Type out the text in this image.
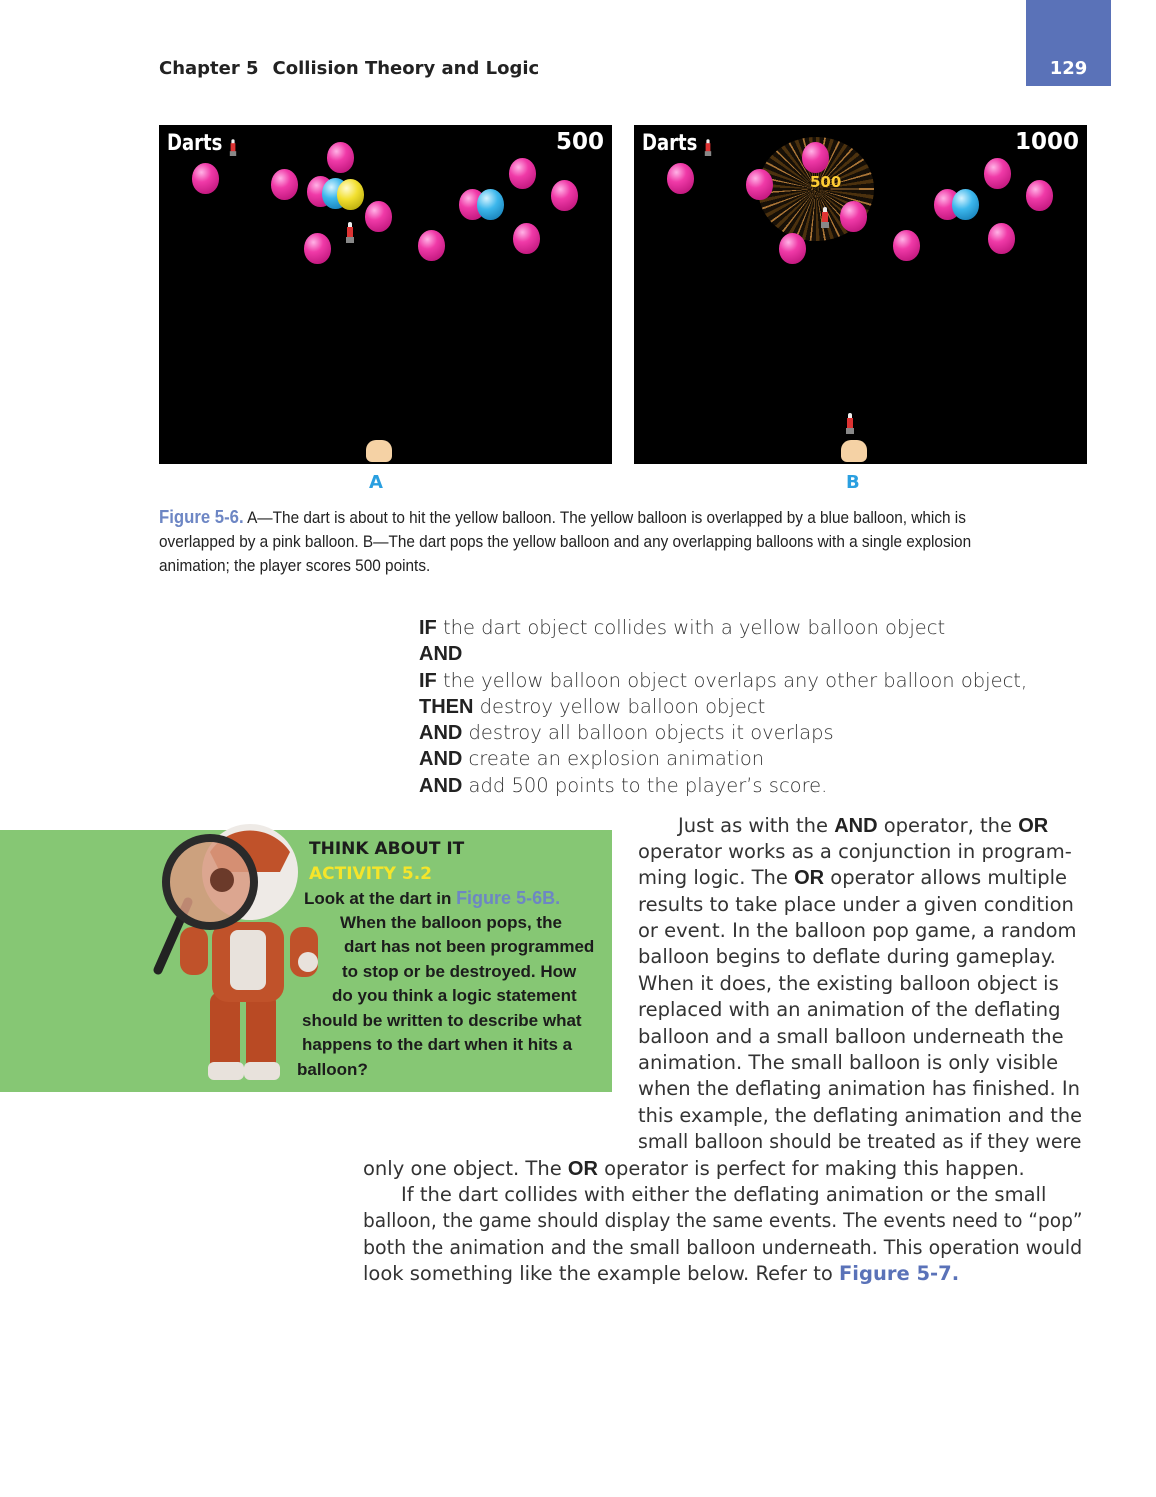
129
Chapter 5 Collision Theory and Logic
Darts	500 Darts	1000
500
A	B
Figure 5-6. A—The dart is about to hit the yellow balloon. The yellow balloon is overlapped by a blue balloon, which is
overlapped by a pink balloon. B—The dart pops the yellow balloon and any overlapping balloons with a single explosion
animation; the player scores 500 points.
IF the dart object collides with a yellow balloon object
AND
IF the yellow balloon object overlaps any other balloon object,
THEN destroy yellow balloon object
AND destroy all balloon objects it overlaps
AND create an explosion animation
AND add 500 points to the player’s score.
THINK ABOUT IT
ACTIVITY 5.2
Look at the dart in Figure 5-6B.
When the balloon pops, the
dart has not been programmed
to stop or be destroyed. How
do you think a logic statement
should be written to describe what
happens to the dart when it hits a
balloon?
Just as with the AND operator, the OR
operator works as a conjunction in program-
ming logic. The OR operator allows multiple
results to take place under a given condition
or event. In the balloon pop game, a random
balloon begins to deflate during gameplay.
When it does, the existing balloon object is
replaced with an animation of the deflating
balloon and a small balloon underneath the
animation. The small balloon is only visible
when the deflating animation has finished. In
this example, the deflating animation and the
small balloon should be treated as if they were
only one object. The OR operator is perfect for making this happen.
If the dart collides with either the deflating animation or the small
balloon, the game should display the same events. The events need to “pop”
both the animation and the small balloon underneath. This operation would
look something like the example below. Refer to Figure 5-7.
